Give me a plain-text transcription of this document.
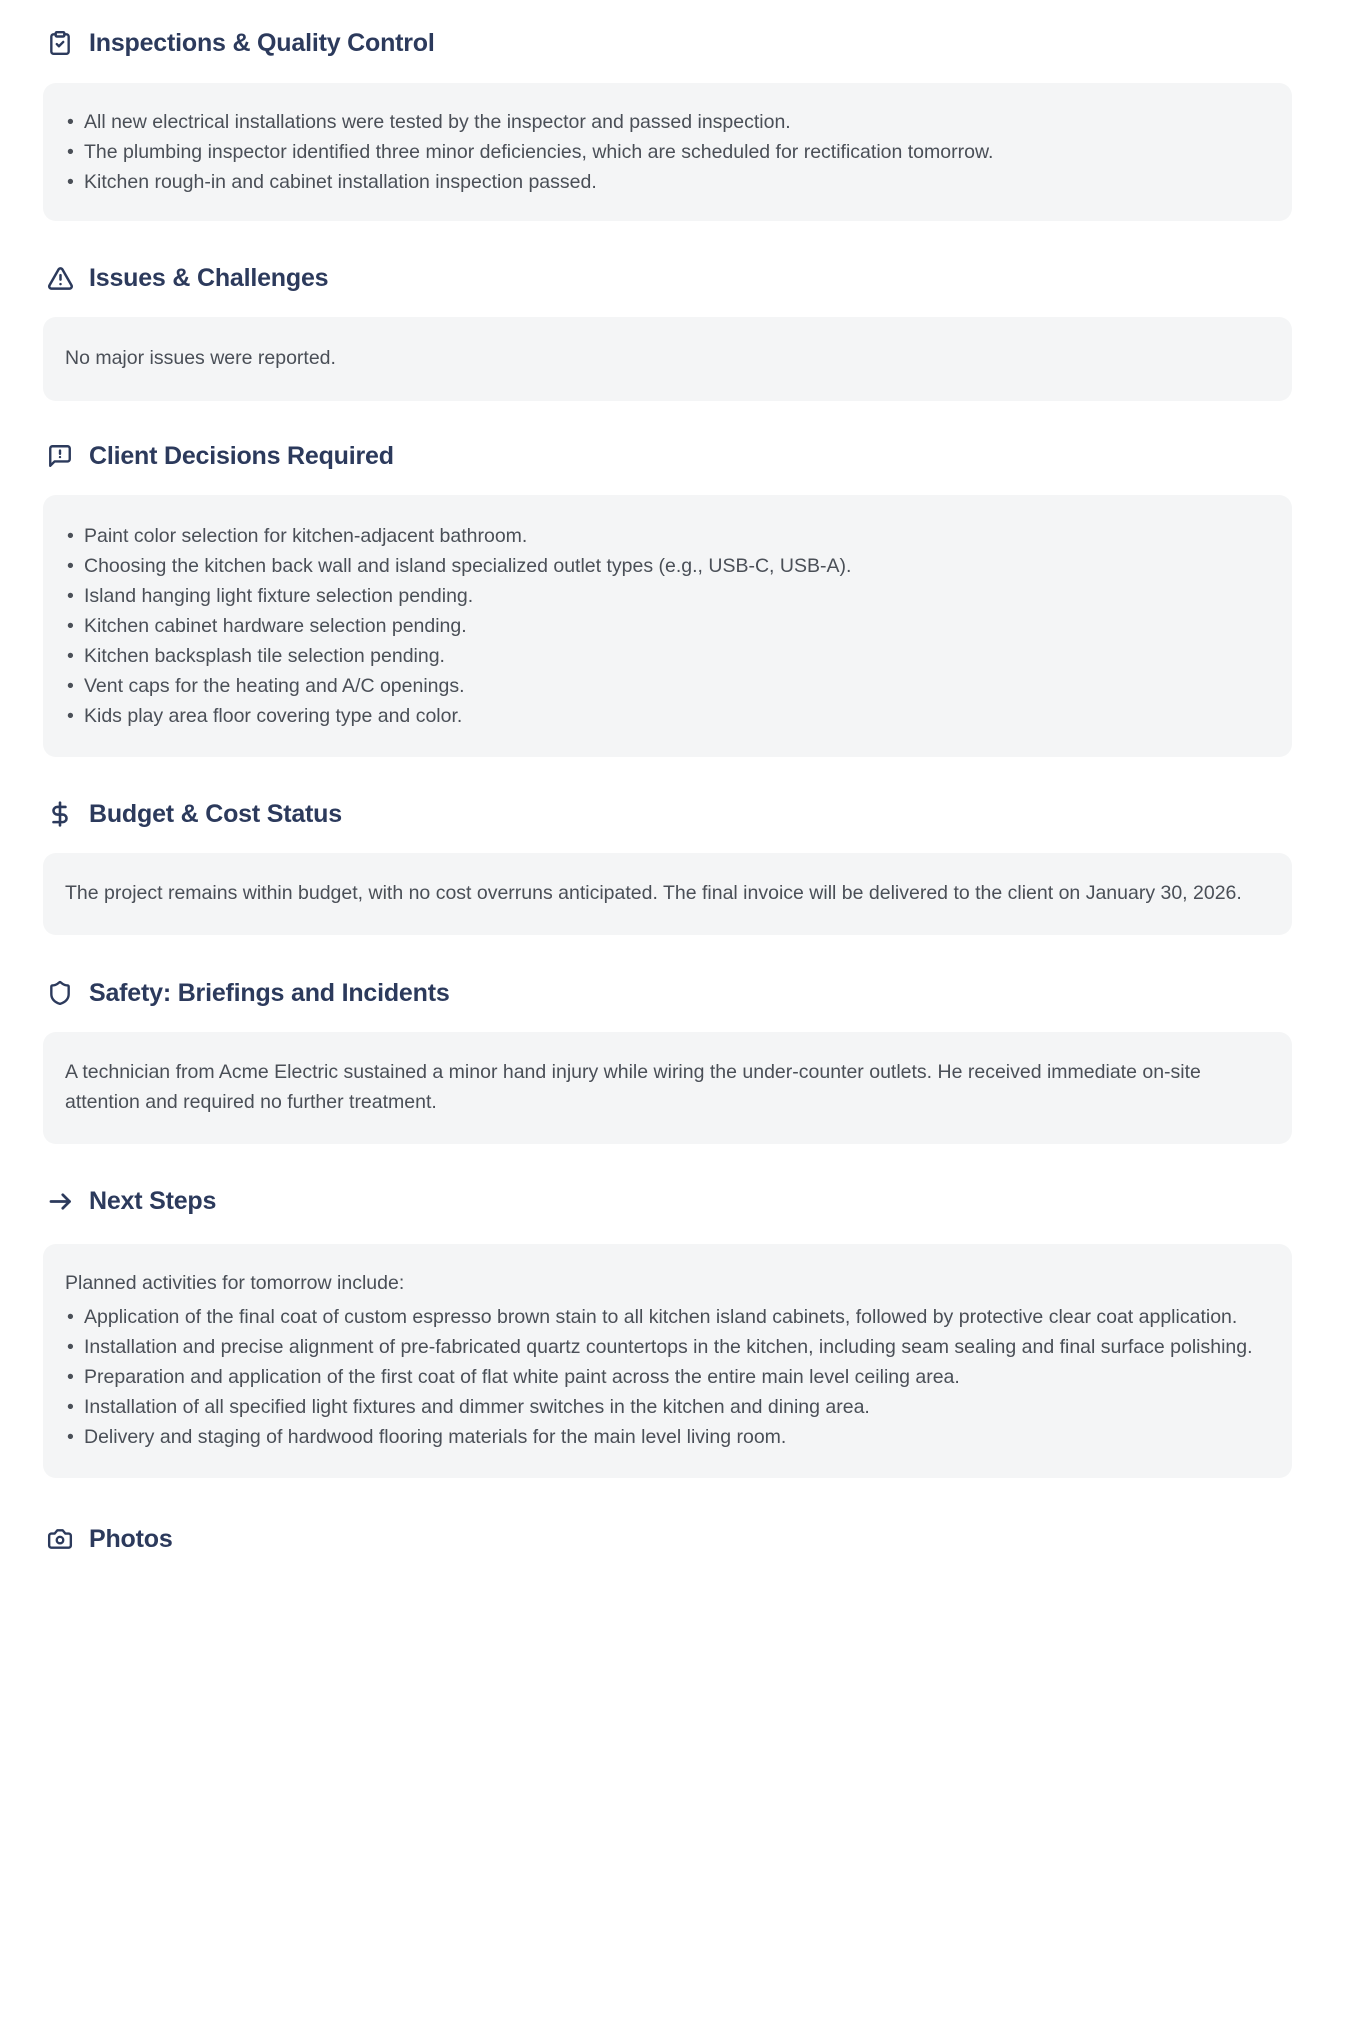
Inspections & Quality Control
• All new electrical installations were tested by the inspector and passed inspection.
• The plumbing inspector identified three minor deficiencies, which are scheduled for rectification tomorrow.
• Kitchen rough-in and cabinet installation inspection passed.
Issues & Challenges

No major issues were reported.

Client Decisions Required
• Paint color selection for kitchen-adjacent bathroom.
• Choosing the kitchen back wall and island specialized outlet types (e.g., USB-C, USB-A).
• Island hanging light fixture selection pending.
• Kitchen cabinet hardware selection pending.
• Kitchen backsplash tile selection pending.
• Vent caps for the heating and A/C openings.
• Kids play area floor covering type and color.
Budget & Cost Status

The project remains within budget, with no cost overruns anticipated. The final invoice will be delivered to the client on January 30, 2026.

Safety: Briefings and Incidents

A technician from Acme Electric sustained a minor hand injury while wiring the under-counter outlets. He received immediate on-site attention and required no further treatment.

Next Steps

Planned activities for tomorrow include:

• Application of the final coat of custom espresso brown stain to all kitchen island cabinets, followed by protective clear coat application.
• Installation and precise alignment of pre-fabricated quartz countertops in the kitchen, including seam sealing and final surface polishing.
• Preparation and application of the first coat of flat white paint across the entire main level ceiling area.
• Installation of all specified light fixtures and dimmer switches in the kitchen and dining area.
• Delivery and staging of hardwood flooring materials for the main level living room.
Photos
